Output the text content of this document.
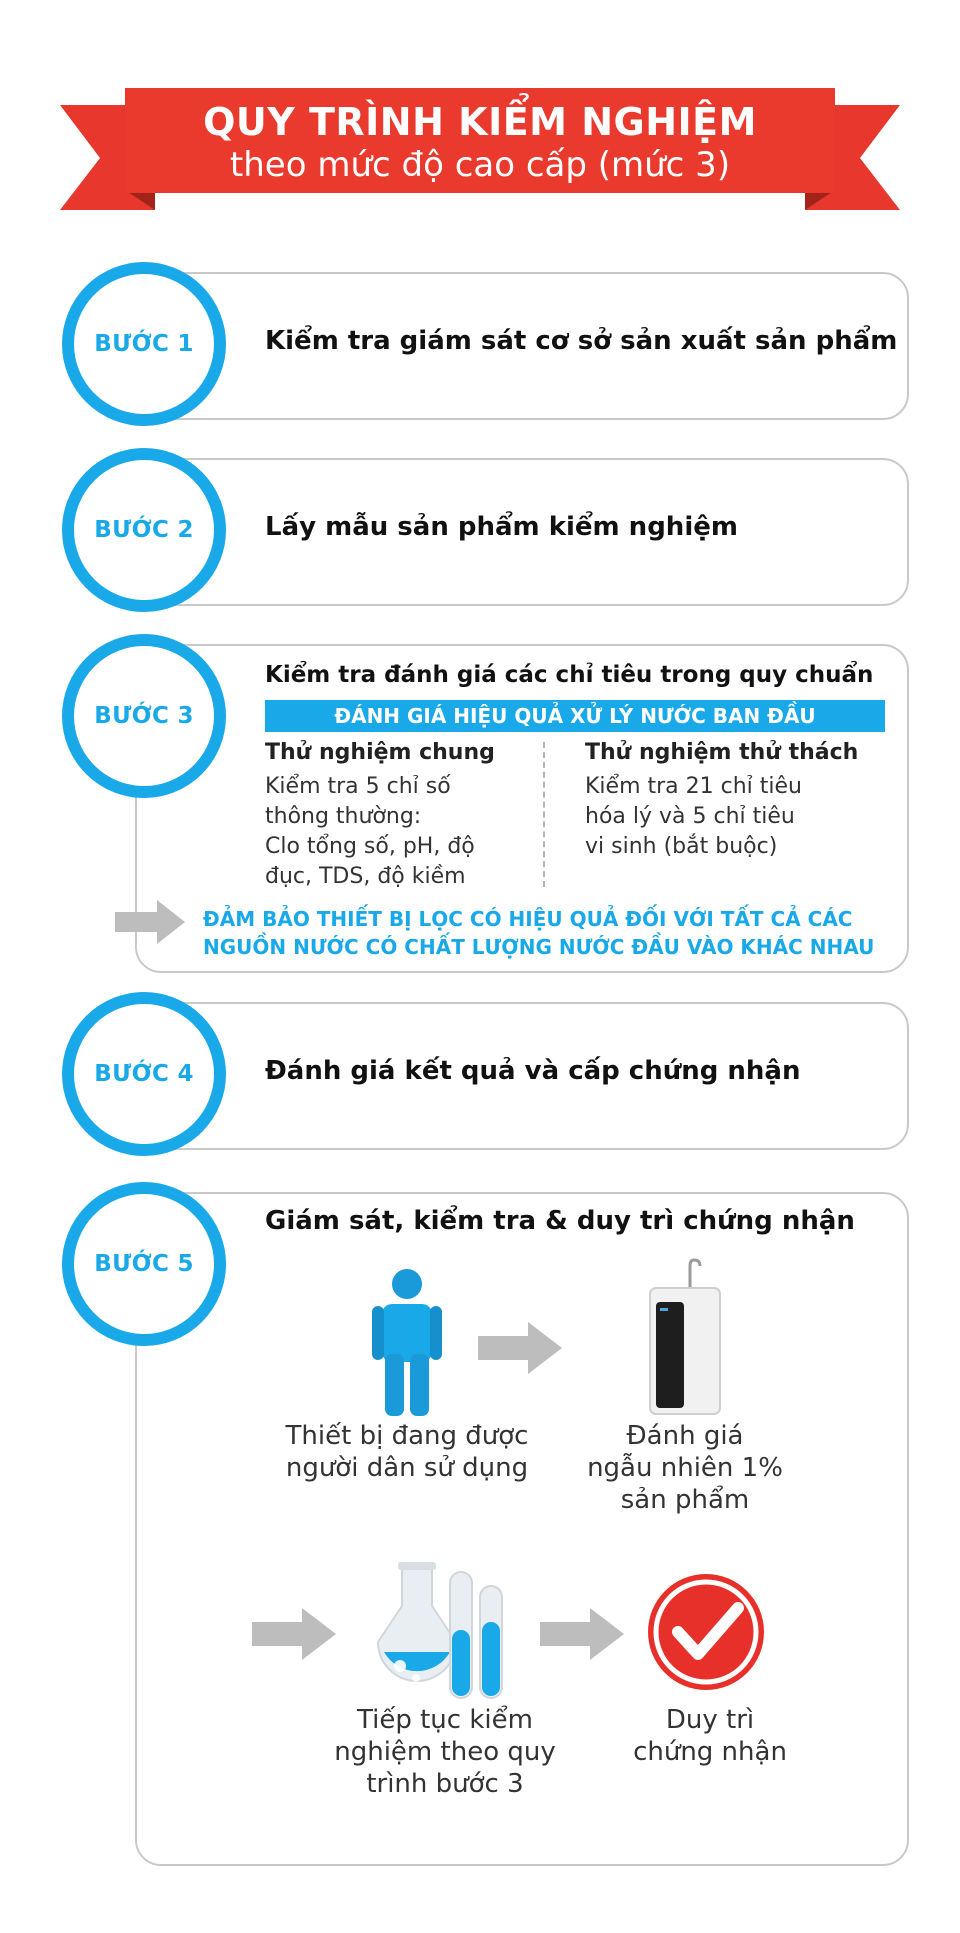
QUY TRÌNH KIỂM NGHIỆM
theo mức độ cao cấp (mức 3)
BƯỚC 1	Kiểm tra giám sát cơ sở sản xuất sản phẩm
BƯỚC 2	Lấy mẫu sản phẩm kiểm nghiệm
BƯỚC 3
Kiểm tra đánh giá các chỉ tiêu trong quy chuẩn
ĐÁNH GIÁ HIỆU QUẢ XỬ LÝ NƯỚC BAN ĐẦU
Thử nghiệm chung
Kiểm tra 5 chỉ số
thông thường:
Clo tổng số, pH, độ
đục, TDS, độ kiềm
Thử nghiệm thử thách
Kiểm tra 21 chỉ tiêu
hóa lý và 5 chỉ tiêu
vi sinh (bắt buộc)
ĐẢM BẢO THIẾT BỊ LỌC CÓ HIỆU QUẢ ĐỐI VỚI TẤT CẢ CÁC
NGUỒN NƯỚC CÓ CHẤT LƯỢNG NƯỚC ĐẦU VÀO KHÁC NHAU
BƯỚC 4	Đánh giá kết quả và cấp chứng nhận
BƯỚC 5
Giám sát, kiểm tra & duy trì chứng nhận
Thiết bị đang được
người dân sử dụng
Đánh giá
ngẫu nhiên 1%
sản phẩm
Tiếp tục kiểm
nghiệm theo quy
trình bước 3
Duy trì
chứng nhận
